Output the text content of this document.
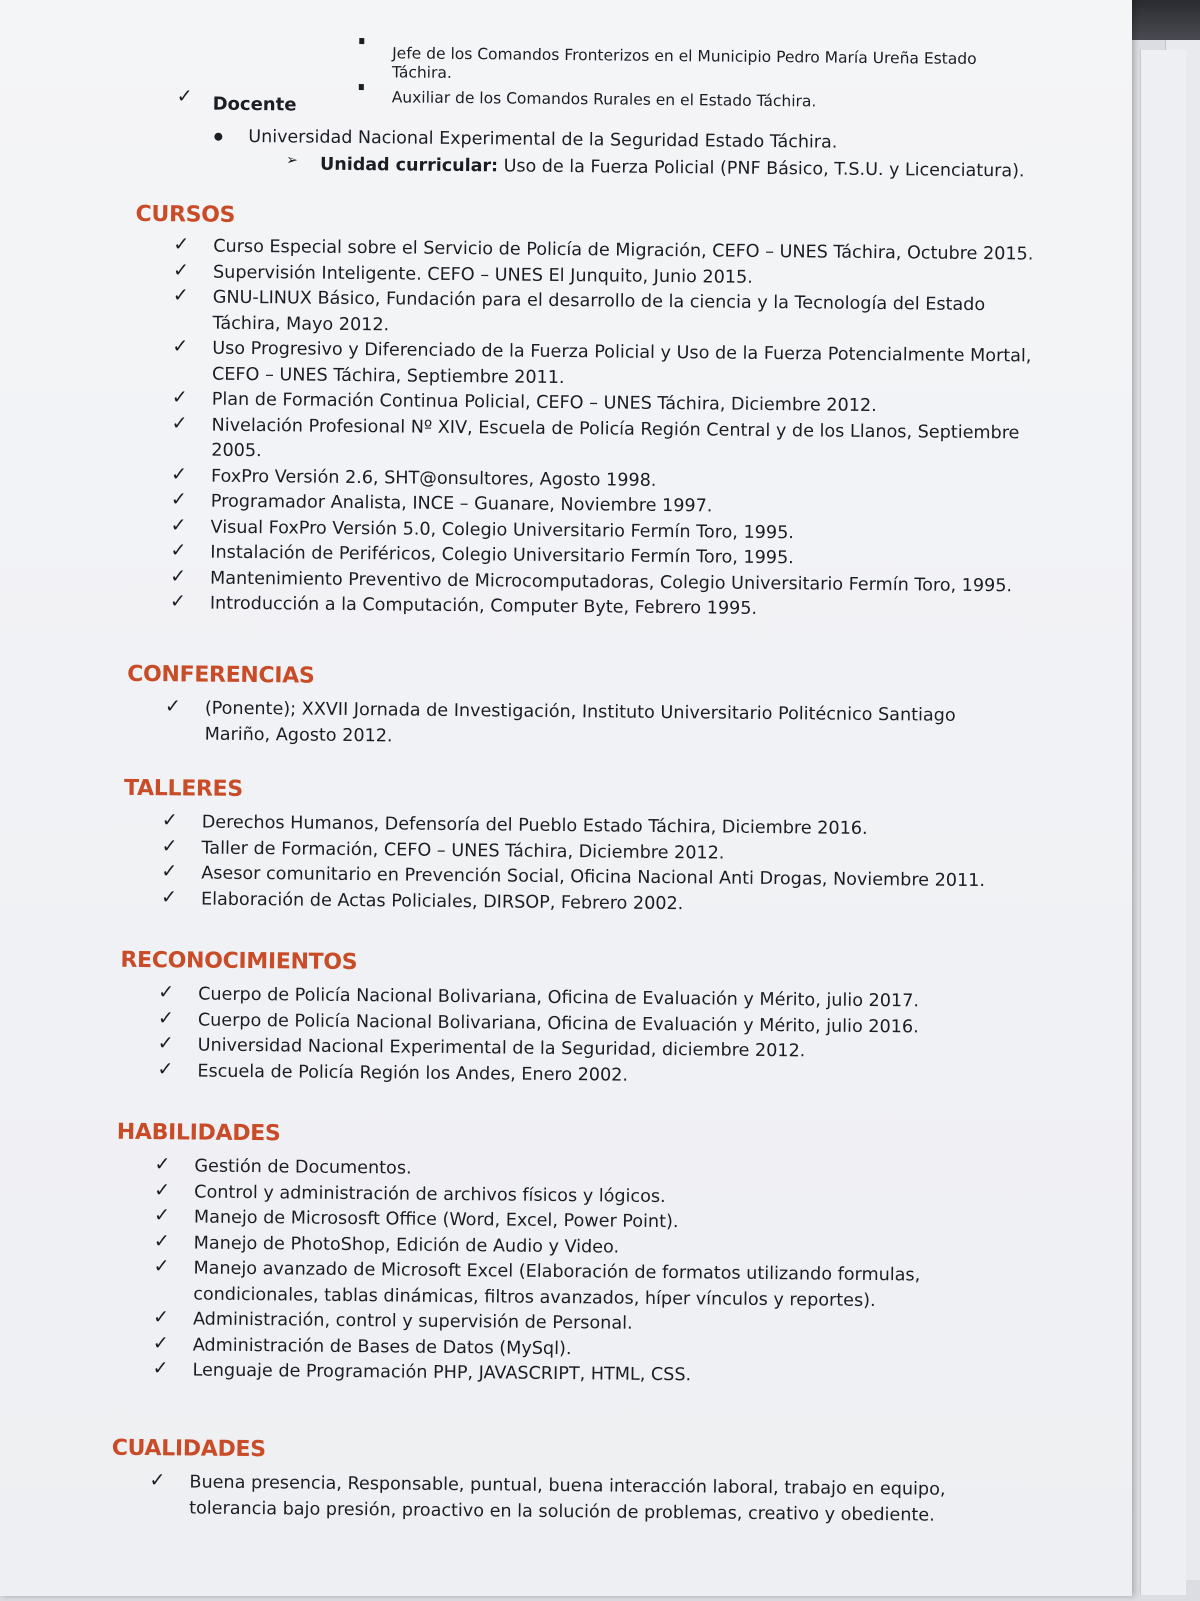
Jefe de los Comandos Fronterizos en el Municipio Pedro María Ureña Estado Táchira.
Auxiliar de los Comandos Rurales en el Estado Táchira.
✓ Docente
Universidad Nacional Experimental de la Seguridad Estado Táchira.
➢ Unidad curricular: Uso de la Fuerza Policial (PNF Básico, T.S.U. y Licenciatura).
CURSOS
✓ Curso Especial sobre el Servicio de Policía de Migración, CEFO – UNES Táchira, Octubre 2015.
✓ Supervisión Inteligente. CEFO – UNES El Junquito, Junio 2015.
✓ GNU-LINUX Básico, Fundación para el desarrollo de la ciencia y la Tecnología del Estado Táchira, Mayo 2012.
✓ Uso Progresivo y Diferenciado de la Fuerza Policial y Uso de la Fuerza Potencialmente Mortal, CEFO – UNES Táchira, Septiembre 2011.
✓ Plan de Formación Continua Policial, CEFO – UNES Táchira, Diciembre 2012.
✓ Nivelación Profesional Nº XIV, Escuela de Policía Región Central y de los Llanos, Septiembre 2005.
✓ FoxPro Versión 2.6, SHT@onsultores, Agosto 1998.
✓ Programador Analista, INCE – Guanare, Noviembre 1997.
✓ Visual FoxPro Versión 5.0, Colegio Universitario Fermín Toro, 1995.
✓ Instalación de Periféricos, Colegio Universitario Fermín Toro, 1995.
✓ Mantenimiento Preventivo de Microcomputadoras, Colegio Universitario Fermín Toro, 1995.
✓ Introducción a la Computación, Computer Byte, Febrero 1995.
CONFERENCIAS
✓ (Ponente); XXVII Jornada de Investigación, Instituto Universitario Politécnico Santiago Mariño, Agosto 2012.
TALLERES
✓ Derechos Humanos, Defensoría del Pueblo Estado Táchira, Diciembre 2016.
✓ Taller de Formación, CEFO – UNES Táchira, Diciembre 2012.
✓ Asesor comunitario en Prevención Social, Oficina Nacional Anti Drogas, Noviembre 2011.
✓ Elaboración de Actas Policiales, DIRSOP, Febrero 2002.
RECONOCIMIENTOS
✓ Cuerpo de Policía Nacional Bolivariana, Oficina de Evaluación y Mérito, julio 2017.
✓ Cuerpo de Policía Nacional Bolivariana, Oficina de Evaluación y Mérito, julio 2016.
✓ Universidad Nacional Experimental de la Seguridad, diciembre 2012.
✓ Escuela de Policía Región los Andes, Enero 2002.
HABILIDADES
✓ Gestión de Documentos.
✓ Control y administración de archivos físicos y lógicos.
✓ Manejo de Micrososft Office (Word, Excel, Power Point).
✓ Manejo de PhotoShop, Edición de Audio y Video.
✓ Manejo avanzado de Microsoft Excel (Elaboración de formatos utilizando formulas, condicionales, tablas dinámicas, filtros avanzados, híper vínculos y reportes).
✓ Administración, control y supervisión de Personal.
✓ Administración de Bases de Datos (MySql).
✓ Lenguaje de Programación PHP, JAVASCRIPT, HTML, CSS.
CUALIDADES
✓ Buena presencia, Responsable, puntual, buena interacción laboral, trabajo en equipo, tolerancia bajo presión, proactivo en la solución de problemas, creativo y obediente.
